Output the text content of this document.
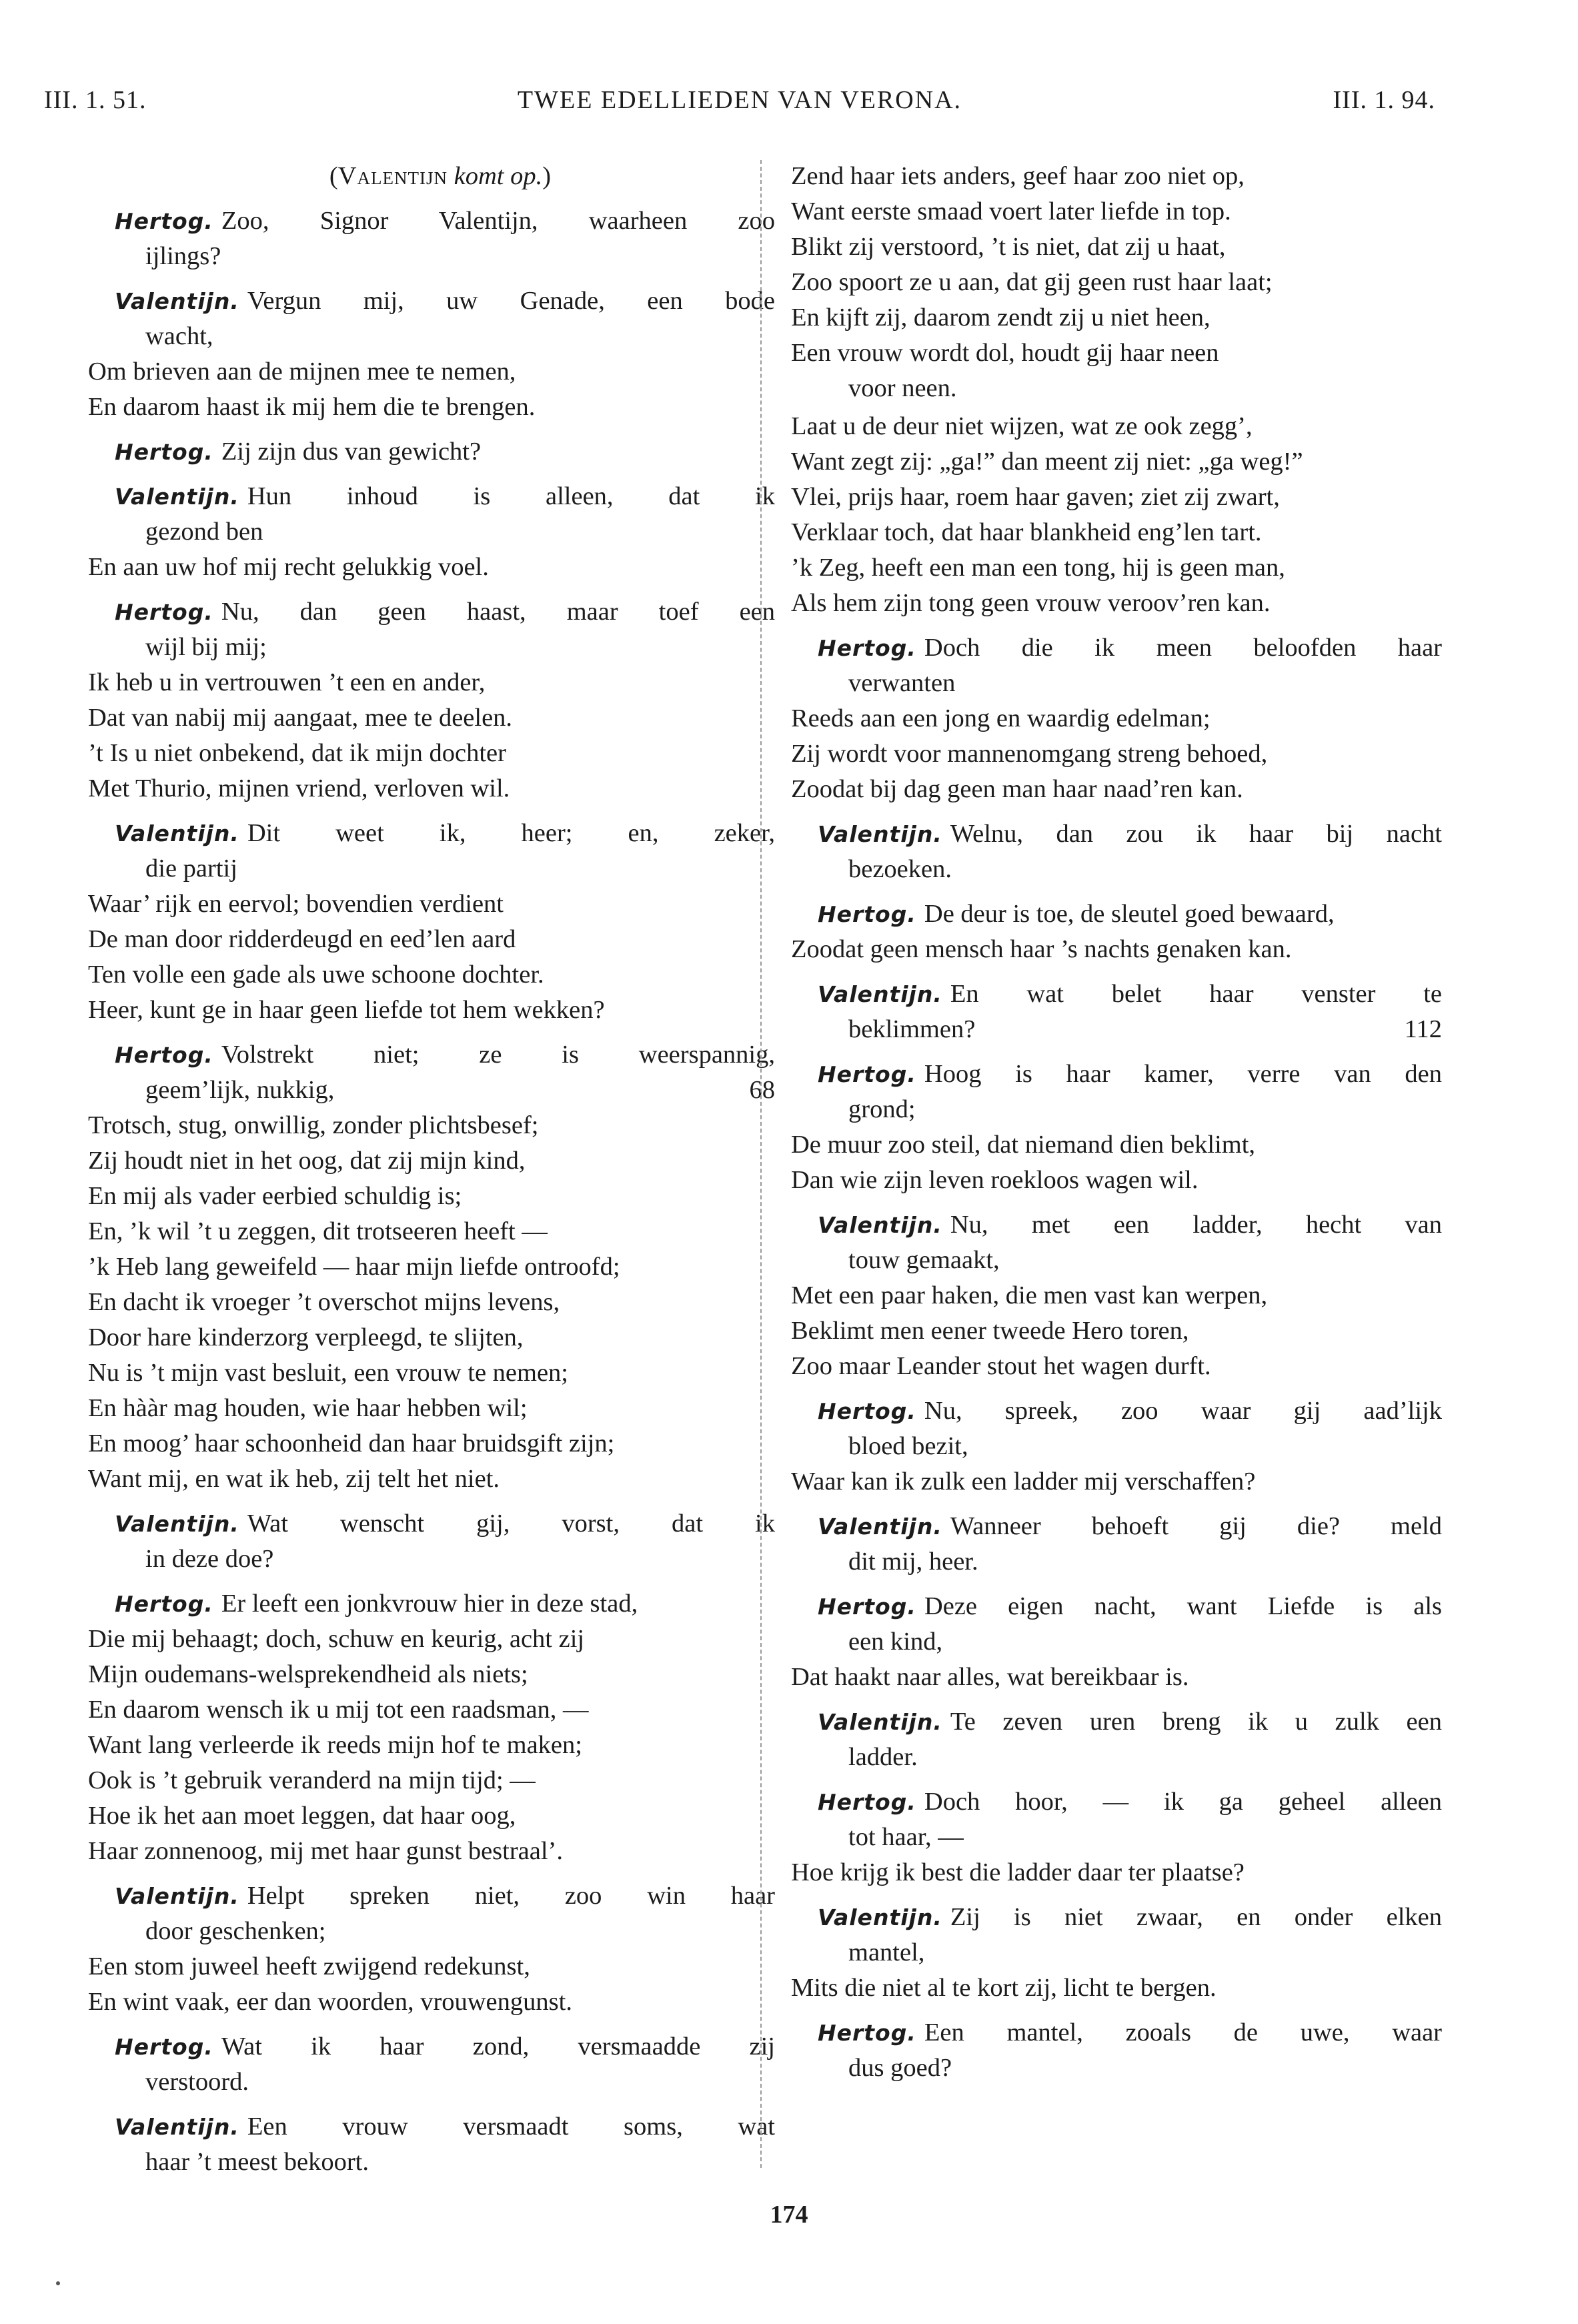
III. 1. 51.	TWEE EDELLIEDEN VAN VERONA.	III. 1. 94.
(Valentijn komt op.)
Hertog. Zoo, Signor Valentijn, waarheen zoo
ijlings?
Valentijn. Vergun mij, uw Genade, een bode
wacht,
Om brieven aan de mijnen mee te nemen,
En daarom haast ik mij hem die te brengen.
Hertog. Zij zijn dus van gewicht?
Valentijn. Hun inhoud is alleen, dat ik
gezond ben
En aan uw hof mij recht gelukkig voel.
Hertog. Nu, dan geen haast, maar toef een
wijl bij mij;
Ik heb u in vertrouwen ’t een en ander,
Dat van nabij mij aangaat, mee te deelen.
’t Is u niet onbekend, dat ik mijn dochter
Met Thurio, mijnen vriend, verloven wil.
Valentijn. Dit weet ik, heer; en, zeker,
die partij
Waar’ rijk en eervol; bovendien verdient
De man door ridderdeugd en eed’len aard
Ten volle een gade als uwe schoone dochter.
Heer, kunt ge in haar geen liefde tot hem wekken?
Hertog. Volstrekt niet; ze is weerspannig,
geem’lijk, nukkig,	68
Trotsch, stug, onwillig, zonder plichtsbesef;
Zij houdt niet in het oog, dat zij mijn kind,
En mij als vader eerbied schuldig is;
En, ’k wil ’t u zeggen, dit trotseeren heeft —
’k Heb lang geweifeld — haar mijn liefde ontroofd;
En dacht ik vroeger ’t overschot mijns levens,
Door hare kinderzorg verpleegd, te slijten,
Nu is ’t mijn vast besluit, een vrouw te nemen;
En hààr mag houden, wie haar hebben wil;
En moog’ haar schoonheid dan haar bruidsgift zijn;
Want mij, en wat ik heb, zij telt het niet.
Valentijn. Wat wenscht gij, vorst, dat ik
in deze doe?
Hertog. Er leeft een jonkvrouw hier in deze stad,
Die mij behaagt; doch, schuw en keurig, acht zij
Mijn oudemans-welsprekendheid als niets;
En daarom wensch ik u mij tot een raadsman, —
Want lang verleerde ik reeds mijn hof te maken;
Ook is ’t gebruik veranderd na mijn tijd; —
Hoe ik het aan moet leggen, dat haar oog,
Haar zonnenoog, mij met haar gunst bestraal’.
Valentijn. Helpt spreken niet, zoo win haar
door geschenken;
Een stom juweel heeft zwijgend redekunst,
En wint vaak, eer dan woorden, vrouwengunst.
Hertog. Wat ik haar zond, versmaadde zij
verstoord.
Valentijn. Een vrouw versmaadt soms, wat
haar ’t meest bekoort.
Zend haar iets anders, geef haar zoo niet op,
Want eerste smaad voert later liefde in top.
Blikt zij verstoord, ’t is niet, dat zij u haat,
Zoo spoort ze u aan, dat gij geen rust haar laat;
En kijft zij, daarom zendt zij u niet heen,
Een vrouw wordt dol, houdt gij haar neen
voor neen.
Laat u de deur niet wijzen, wat ze ook zegg’,
Want zegt zij: „ga!” dan meent zij niet: „ga weg!”
Vlei, prijs haar, roem haar gaven; ziet zij zwart,
Verklaar toch, dat haar blankheid eng’len tart.
’k Zeg, heeft een man een tong, hij is geen man,
Als hem zijn tong geen vrouw veroov’ren kan.
Hertog. Doch die ik meen beloofden haar
verwanten
Reeds aan een jong en waardig edelman;
Zij wordt voor mannenomgang streng behoed,
Zoodat bij dag geen man haar naad’ren kan.
Valentijn. Welnu, dan zou ik haar bij nacht
bezoeken.
Hertog. De deur is toe, de sleutel goed bewaard,
Zoodat geen mensch haar ’s nachts genaken kan.
Valentijn. En wat belet haar venster te
beklimmen?	112
Hertog. Hoog is haar kamer, verre van den
grond;
De muur zoo steil, dat niemand dien beklimt,
Dan wie zijn leven roekloos wagen wil.
Valentijn. Nu, met een ladder, hecht van
touw gemaakt,
Met een paar haken, die men vast kan werpen,
Beklimt men eener tweede Hero toren,
Zoo maar Leander stout het wagen durft.
Hertog. Nu, spreek, zoo waar gij aad’lijk
bloed bezit,
Waar kan ik zulk een ladder mij verschaffen?
Valentijn. Wanneer behoeft gij die? meld
dit mij, heer.
Hertog. Deze eigen nacht, want Liefde is als
een kind,
Dat haakt naar alles, wat bereikbaar is.
Valentijn. Te zeven uren breng ik u zulk een
ladder.
Hertog. Doch hoor, — ik ga geheel alleen
tot haar, —
Hoe krijg ik best die ladder daar ter plaatse?
Valentijn. Zij is niet zwaar, en onder elken
mantel,
Mits die niet al te kort zij, licht te bergen.
Hertog. Een mantel, zooals de uwe, waar
dus goed?
174
